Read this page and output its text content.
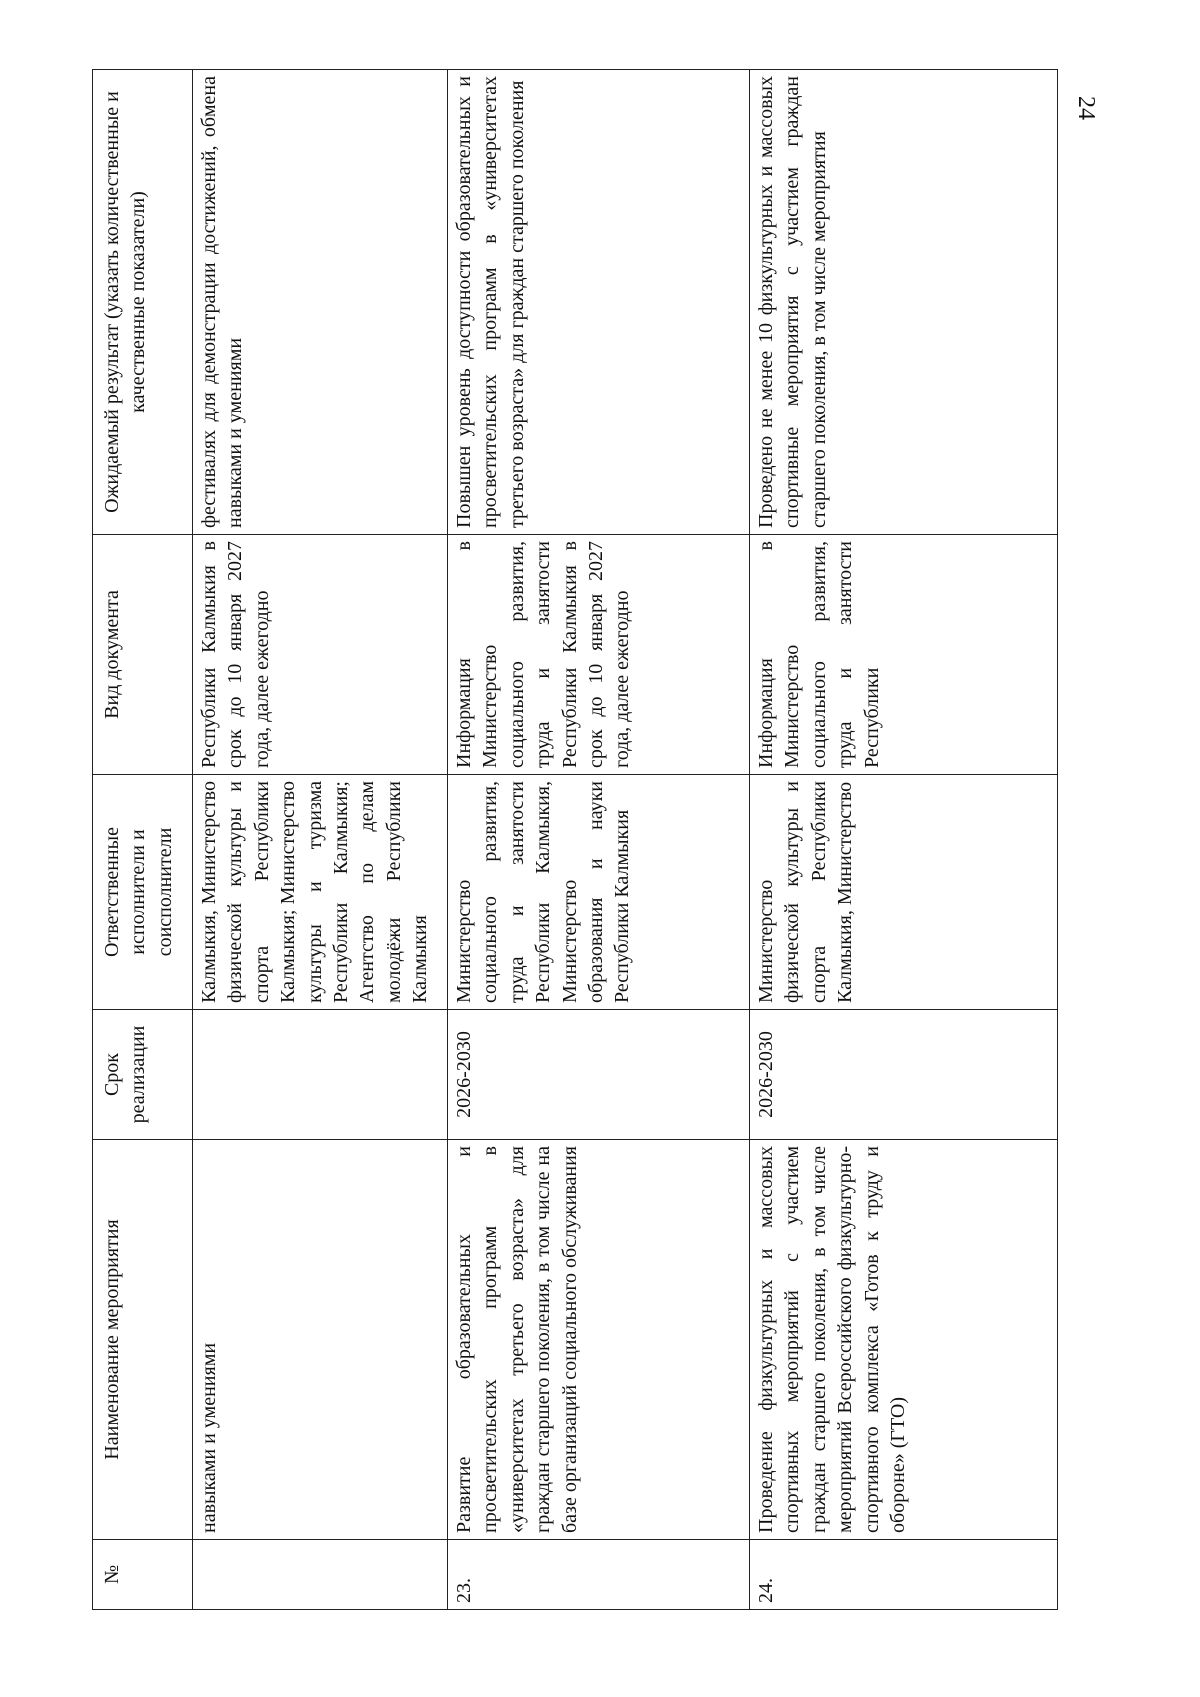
24
№	Наименование мероприятия	Срок реализации	Ответственные исполнители и соисполнители	Вид документа	Ожидаемый результат (указать количественные и качественные показатели)
	навыками и умениями		Калмыкия, Министерство физической культуры и спорта Республики Калмыкия; Министерство культуры и туризма Республики Калмыкия; Агентство по делам молодёжи Республики Калмыкия	Республики Калмыкия в срок до 10 января 2027 года, далее ежегодно	фестивалях для демонстрации достижений, обмена навыками и умениями
23.	Развитие образовательных и просветительских программ в «университетах третьего возраста» для граждан старшего поколения, в том числе на базе организаций социального обслуживания	2026-2030	Министерство социального развития, труда и занятости Республики Калмыкия, Министерство образования и науки Республики Калмыкия	Информация в Министерство социального развития, труда и занятости Республики Калмыкия в срок до 10 января 2027 года, далее ежегодно	Повышен уровень доступности образовательных и просветительских программ в «университетах третьего возраста» для граждан старшего поколения
24.	Проведение физкультурных и массовых спортивных мероприятий с участием граждан старшего поколения, в том числе мероприятий Всероссийского физкультурно-спортивного комплекса «Готов к труду и обороне» (ГТО)	2026-2030	Министерство физической культуры и спорта Республики Калмыкия, Министерство	Информация в Министерство социального развития, труда и занятости Республики	Проведено не менее 10 физкультурных и массовых спортивные мероприятия с участием граждан старшего поколения, в том числе мероприятия
